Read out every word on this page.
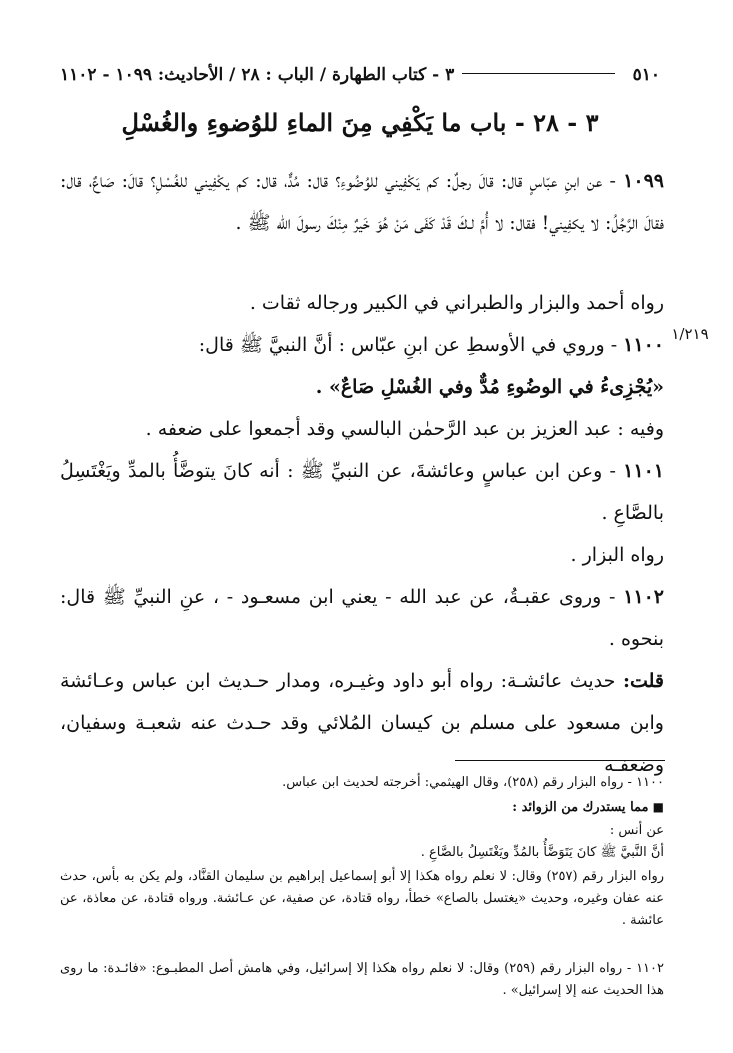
٥١٠
٣ - كتاب الطهارة / الباب : ٢٨ / الأحاديث: ١٠٩٩ - ١١٠٢
٣ - ٢٨ - باب ما يَكْفِي مِنَ الماءِ للوُضوءِ والغُسْلِ
١٠٩٩ - عن ابنِ عبّاسٍ قال: قالَ رجلٌ: كم يَكْفِيني للوُضُوءِ؟ قال: مُدٌّ، قال: كم يكْفِيني للغُسْلِ؟ قالَ: صَاعٌ، قال: فقالَ الرَّجُلُ: لا يكفِيني! فقال: لا أُمَّ لـكَ قَدْ كَفَى مَنْ هُوَ خَيرٌ مِنْكَ رسولَ الله ﷺ .
رواه أحمد والبزار والطبراني في الكبير ورجاله ثقات .
١/٢١٩
١١٠٠ - وروي في الأوسطِ عن ابنِ عبّاس : أنَّ النبيَّ ﷺ قال:
«يُجْزِىءُ في الوضُوءِ مُدٌّ وفي الغُسْلِ صَاعٌ» .
وفيه : عبد العزيز بن عبد الرَّحمٰن البالسي وقد أجمعوا على ضعفه .
١١٠١ - وعن ابن عباسٍ وعائشةَ، عن النبيِّ ﷺ : أنه كانَ يتوضَّأُ بالمدِّ ويَغْتَسِلُ بالصَّاعِ .
رواه البزار .
١١٠٢ - وروى عقبـةُ، عن عبد الله - يعني ابن مسعـود - ، عنِ النبيِّ ﷺ قال: بنحوه .
قلت: حديث عائشـة: رواه أبو داود وغيـره، ومدار حـديث ابن عباس وعـائشة وابن مسعود على مسلم بن كيسان المُلائي وقد حـدث عنه شعبـة وسفيان، وضعفـه
١١٠٠ - رواه البزار رقم (٢٥٨)، وقال الهيثمي: أخرجته لحديث ابن عباس.
■ مما يستدرك من الزوائد :
عن أنس :
أنَّ النَّبيَّ ﷺ كانَ يَتَوَضَّأُ بالمُدِّ ويَغْتَسِلُ بالصَّاعِ .
رواه البزار رقم (٢٥٧) وقال: لا نعلم رواه هكذا إلا أبو إسماعيل إبراهيم بن سليمان القنَّاد، ولم يكن به بأس، حدث عنه عفان وغيره، وحديث «يغتسل بالصاع» خطأ، رواه قتادة، عن صفية، عن عـائشة. ورواه قتادة، عن معاذة، عن عائشة .
١١٠٢ - رواه البزار رقم (٢٥٩) وقال: لا نعلم رواه هكذا إلا إسرائيل، وفي هامش أصل المطبـوع: «فائـدة: ما روى هذا الحديث عنه إلا إسرائيل» .
